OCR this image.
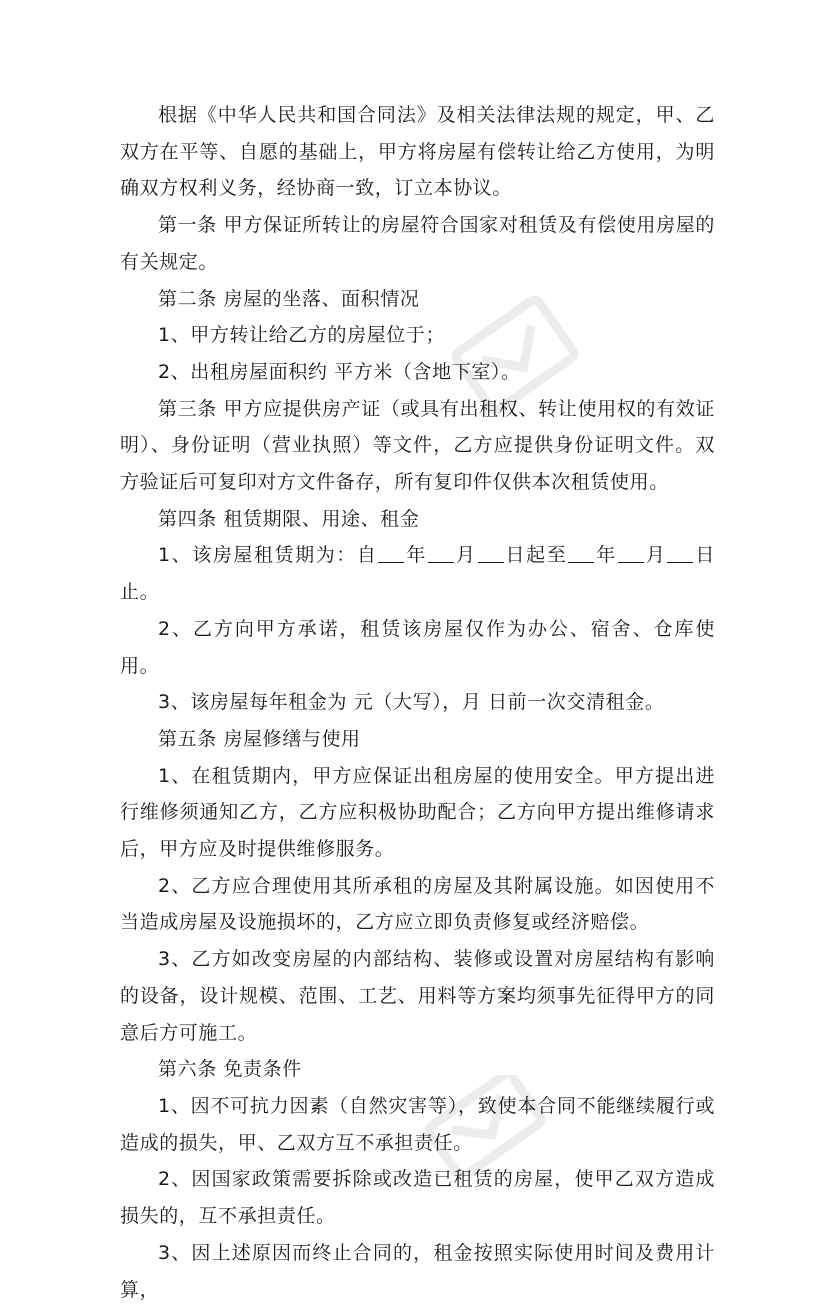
根据《中华人民共和国合同法》及相关法律法规的规定，甲、乙双方在平等、自愿的基础上，甲方将房屋有偿转让给乙方使用，为明确双方权利义务，经协商一致，订立本协议。

第一条 甲方保证所转让的房屋符合国家对租赁及有偿使用房屋的有关规定。

第二条 房屋的坐落、面积情况

1、甲方转让给乙方的房屋位于；

2、出租房屋面积约 平方米（含地下室）。

第三条 甲方应提供房产证（或具有出租权、转让使用权的有效证明）、身份证明（营业执照）等文件，乙方应提供身份证明文件。双方验证后可复印对方文件备存，所有复印件仅供本次租赁使用。

第四条 租赁期限、用途、租金

1、该房屋租赁期为：自 年 月 日起至 年 月 日止。

2、乙方向甲方承诺，租赁该房屋仅作为办公、宿舍、仓库使用。

3、该房屋每年租金为 元（大写），月 日前一次交清租金。

第五条 房屋修缮与使用

1、在租赁期内，甲方应保证出租房屋的使用安全。甲方提出进行维修须通知乙方，乙方应积极协助配合；乙方向甲方提出维修请求后，甲方应及时提供维修服务。

2、乙方应合理使用其所承租的房屋及其附属设施。如因使用不当造成房屋及设施损坏的，乙方应立即负责修复或经济赔偿。

3、乙方如改变房屋的内部结构、装修或设置对房屋结构有影响的设备，设计规模、范围、工艺、用料等方案均须事先征得甲方的同意后方可施工。

第六条 免责条件

1、因不可抗力因素（自然灾害等），致使本合同不能继续履行或造成的损失，甲、乙双方互不承担责任。

2、因国家政策需要拆除或改造已租赁的房屋，使甲乙双方造成损失的，互不承担责任。

3、因上述原因而终止合同的，租金按照实际使用时间及费用计算，
